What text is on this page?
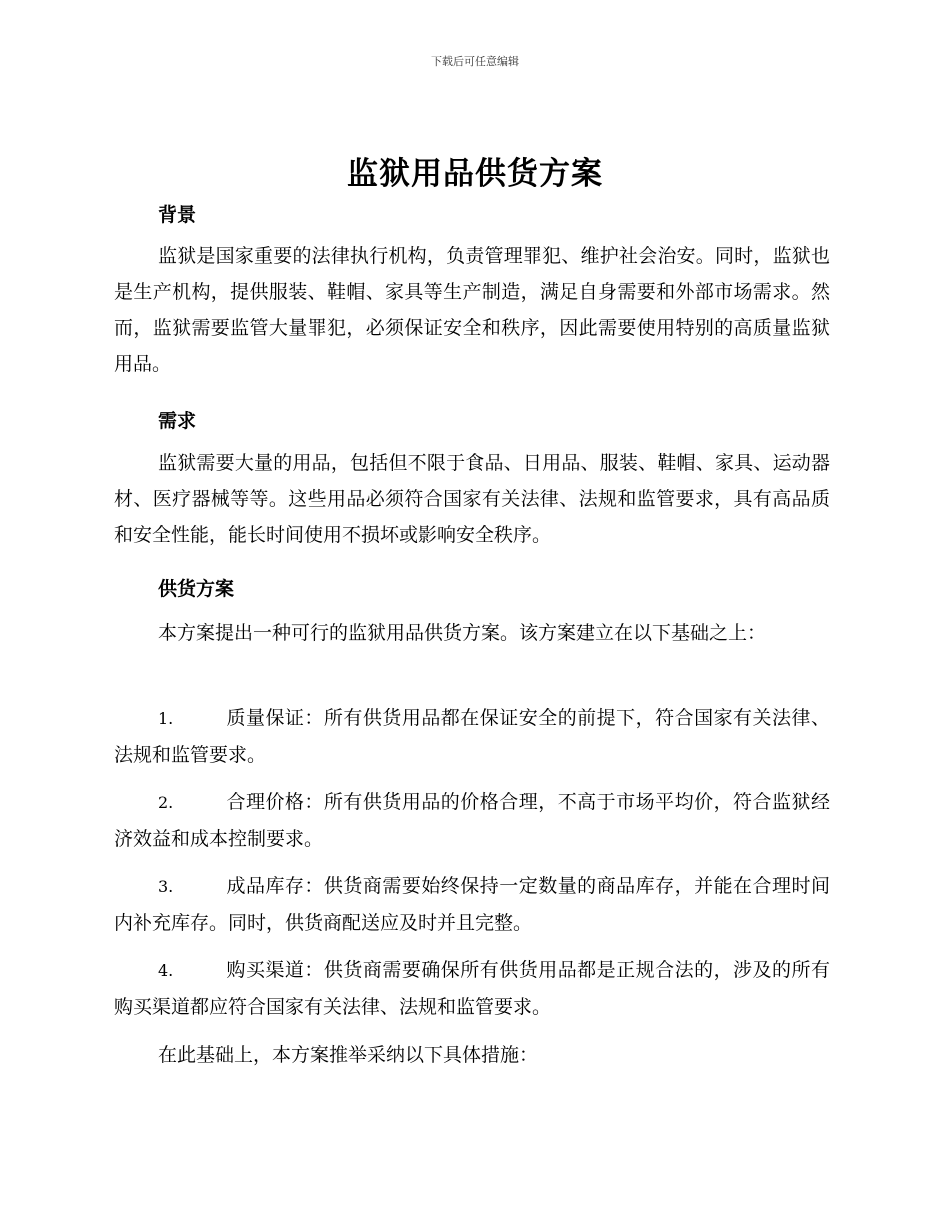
下载后可任意编辑
监狱用品供货方案
背景
监狱是国家重要的法律执行机构，负责管理罪犯、维护社会治安。同时，监狱也是生产机构，提供服装、鞋帽、家具等生产制造，满足自身需要和外部市场需求。然而，监狱需要监管大量罪犯，必须保证安全和秩序，因此需要使用特别的高质量监狱用品。
需求
监狱需要大量的用品，包括但不限于食品、日用品、服装、鞋帽、家具、运动器材、医疗器械等等。这些用品必须符合国家有关法律、法规和监管要求，具有高品质和安全性能，能长时间使用不损坏或影响安全秩序。
供货方案
本方案提出一种可行的监狱用品供货方案。该方案建立在以下基础之上：
1.	质量保证：所有供货用品都在保证安全的前提下，符合国家有关法律、法规和监管要求。
2.	合理价格：所有供货用品的价格合理，不高于市场平均价，符合监狱经济效益和成本控制要求。
3.	成品库存：供货商需要始终保持一定数量的商品库存，并能在合理时间内补充库存。同时，供货商配送应及时并且完整。
4.	购买渠道：供货商需要确保所有供货用品都是正规合法的，涉及的所有购买渠道都应符合国家有关法律、法规和监管要求。
在此基础上，本方案推举采纳以下具体措施：
